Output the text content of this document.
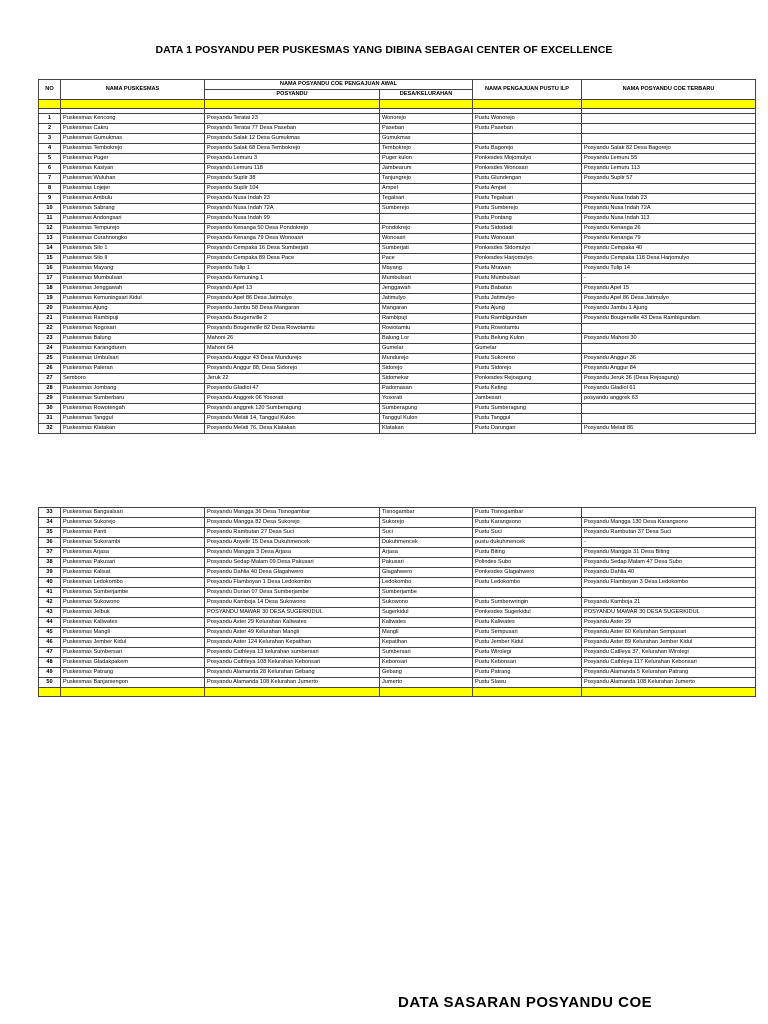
DATA 1 POSYANDU PER PUSKESMAS YANG DIBINA SEBAGAI CENTER OF EXCELLENCE
NO	NAMA PUSKESMAS	NAMA POSYANDU COE PENGAJUAN AWAL		NAMA PENGAJUAN PUSTU ILP	NAMA POSYANDU COE TERBARU
		POSYANDU	DESA/KELURAHAN		

1	Puskesmas Kencong	Posyandu Teratai 23	Wonorejo	Pustu Wonorejo	
2	Puskesmas Cakru	Posyandu Teratai 77 Desa Paseban	Paseban	Pustu Paseban	
3	Puskesmas Gumukmas	Posyandu Salak 12 Desa Gumukmas	Gumukmas		
4	Puskesmas Tembokrejo	Posyandu Salak 68 Desa Tembokrejo	Tembokrejo	Pustu Bagorejo	Posyandu Salak 82 Desa Bagorejo
5	Puskesmas Puger	Posyandu Lemuru 3	Puger kulon	Ponkesdes Mojomulyo	Posyandu Lemuru 55
6	Puskesmas Kasiyan	Posyandu Lemuru 118	Jambearum	Ponkesdes Wonosari	Posyandu Lemuru 113
7	Puskesmas Wuluhan	Posyandu Suplir 38	Tanjungrejo	Pustu Glundengan	Posyandu Suplir 57
8	Puskesmas Lojejer	Posyandu Suplir 104	Ampel	Pustu Ampel	
9	Puskesmas Ambulu	Posyandu Nusa Indah 23	Tegalsari	Pustu Tegalsari	Posyandu Nusa Indah 23
10	Puskesmas Sabrang	Posyandu Nusa Indah 72A	Sumberejo	Pustu Sumberejo	Posyandu Nusa Indah 72A
11	Puskesmas Andongsari	Posyandu Nusa Indah 99		Pustu Pontang	Posyandu Nusa Indah 113
12	Puskesmas Tempurejo	Posyandu Kenanga 50 Desa Pondokrejo	Pondokrejo	Pustu Sidodadi	Posyandu Kenanga 26
13	Puskesmas Curahnongko	Posyandu Kenanga 79 Desa Wonoasri	Wonoasri	Pustu Wonoasri	Posyandu Kenanga 79
14	Puskesmas Silo 1	Posyandu Cempaka 16 Desa Sumberjati	Sumberjati	Ponkesdes Sidomulyo	Posyandu Cempaka 40
15	Puskesmas Silo II	Posyandu Cempaka 89 Desa Pace	Pace	Ponkesdes Harjomulyo	Posyandu Cempaka 118 Desa Harjomulyo
16	Puskesmas Mayang	Posyandu Tulip 1	Mayang	Pustu Mrawan	Posyandu Tulip 14
17	Puskesmas Mumbulsari	Posyandu Kemuning 1	Mumbulsari	Pustu Mumbulsari	-
18	Puskesmas Jenggawah	Posyandu Apel 13	Jenggawah	Pustu Babatan	Posyandu Apel 15
19	Puskesmas Kemuningsari Kidul	Posyandu Apel 86 Desa Jatimulyo	Jatimulyo	Pustu Jatimulyo	Posyandu Apel 86 Desa Jatimulyo
20	Puskesmas Ajung	Posyandu Jambu 58 Desa Mangaran	Mangaran	Pustu Ajung	Posyandu Jambu 1 Ajung
21	Puskesmas Rambipuji	Posyandu Bougenville 2	Rambipuji	Pustu Rambigundam	Posyandu Bougenville 43 Desa Rambigundam
22	Puskesmas Nogosari	Posyandu Bougenville 82 Desa Rowotamtu	Rowotamtu	Pustu Rowotamtu	
23	Puskesmas Balung	Mahoni 26	Balung Lor	Pustu Belung Kulon	Posyandu Mahoni 30
24	Puskesmas Karangduren	Mahoni 64	Gumelar	Gumelar	
25	Puskesmas Umbulsari	Posyandu Anggur 43 Desa Mundurejo	Mundurejo	Pustu Sukoreno	Posyandu Anggur 36
26	Puskesmas Paleran	Posyandu Anggur 88, Desa Sidorejo	Sidorejo	Pustu Sidorejo	Posyandu Anggur 84
27	Semboro	Jeruk 22	Sidomekar	Ponkesdes Rejoagung	Posyandu Jeruk 36 (Desa Rejoagung)
28	Puskesmas Jombang	Posyandu Gladiol 47	Padomasan	Pustu Keting	Posyandu Gladiol 61
29	Puskesmas Sumberbaru	Posyandu Anggrek 06 Yosorati	Yosorati	Jambesari	posyandu anggrek 63
30	Puskesmas Rowotengah	Posyandu anggrek 120 Sumberagung	Sumberagung	Pustu Sumberagung	
31	Puskesmas Tanggul	Posyandu Melati 14, Tanggul Kulon	Tanggul Kulon	Pustu Tanggul	
32	Puskesmas Klatakan	Posyandu Melati 76, Desa Klatakan	Klatakan	Pustu Darungan	Posyandu Melati 86
33	Puskesmas Bangsalsari	Posyandu Mangga 36 Desa Tisnogambar	Tisnogambar	Pustu Tisnogambar	
34	Puskesmas Sukorejo	Posyandu Mangga 82 Desa Sukorejo	Sukorejo	Pustu Karangsono	Posyandu Mangga 130 Desa Karangsono
35	Puskesmas Panti	Posyandu Rambutan 27 Desa Suci	Suci	Pustu Suci	Posyandu Rambutan 37 Desa Suci
36	Puskesmas Sukorambi	Posyandu Anyelir 15 Desa Dukuhmencek	Dukuhmencek	pustu dukuhmencek	-
37	Puskesmas Arjasa	Posyandu Manggis 3 Desa Arjasa	Arjasa	Pustu Biting	Posyandu Manggis 31 Desa Biting
38	Puskesmas Pakusari	Posyandu Sedap Malam 09 Desa Pakusari	Pakusari	Polindes Subo	Posyandu Sedap Malam 47 Desa Subo
39	Puskesmas Kalisat	Posyandu Dahlia 40 Desa Glagahwero	Glagahwero	Ponkesdes Glagahwero	Posyandu Dahlia 40
40	Puskesmas Ledokombo	Posyandu Flamboyan 1 Desa Ledokombo	Ledokombo	Pustu Ledokombo	Posyandu Flamboyan 3 Desa Ledokombo
41	Puskesmas Sumberjambe	Posyandu Durian 07 Desa Sumberjambe	Sumberjambe		
42	Puskesmas Sukowono	Posyandu Kamboja 14 Desa Sukowono	Sukowono	Pustu Sumberwringin	Posyandu Kamboja 21
43	Puskesmas Jelbuk	POSYANDU MAWAR 30 DESA SUGERKIDUL	Sugerkidul	Ponkesdes Sugerkidul	POSYANDU MAWAR 30 DESA SUGERKIDUL
44	Puskesmas Kaliwates	Posyandu Aster 29 Kelurahan Kaliwates	Kaliwates	Pustu Kaliwates	Posyandu Aster 29
45	Puskesmas Mangli	Posyandu Aster 49 Kelurahan Mangli	Mangli	Pustu Sempusari	Posyandu Aster 60 Kelurahan Sempusari
46	Puskesmas Jember Kidul	Posyandu Aster 124 Kelurahan Kepatihan	Kepatihan	Pustu Jember Kidul	Posyandu Aster 89 Kelurahan Jember Kidul
47	Puskesmas Sumbersari	Posyandu Cathleya 13 kelurahan sumbersari	Sumbersari	Pustu Wirolegi	Posyandu Catlleya 37, Kelurahan Wirolegi
48	Puskesmas Gladakpakem	Posyandu Cathleya 108 Kelurahan Kebonsari	Kebonsari	Pustu Kebonsari	Posyandu Cathleya 117 Kelurahan Kebonsari
49	Puskesmas Patrang	Posyandu Alamanda 28 Kelurahan Gebang	Gebang	Pustu Patrang	Posyandu Alamanda 5 Kelurahan Patrang
50	Puskesmas Banjarsengon	Posyandu Alamanda 108 Kelurahan Jumerto	Jumerto	Pustu Slawu	Posyandu Alamanda 108 Kelurahan Jumerto

DATA SASARAN POSYANDU COE
